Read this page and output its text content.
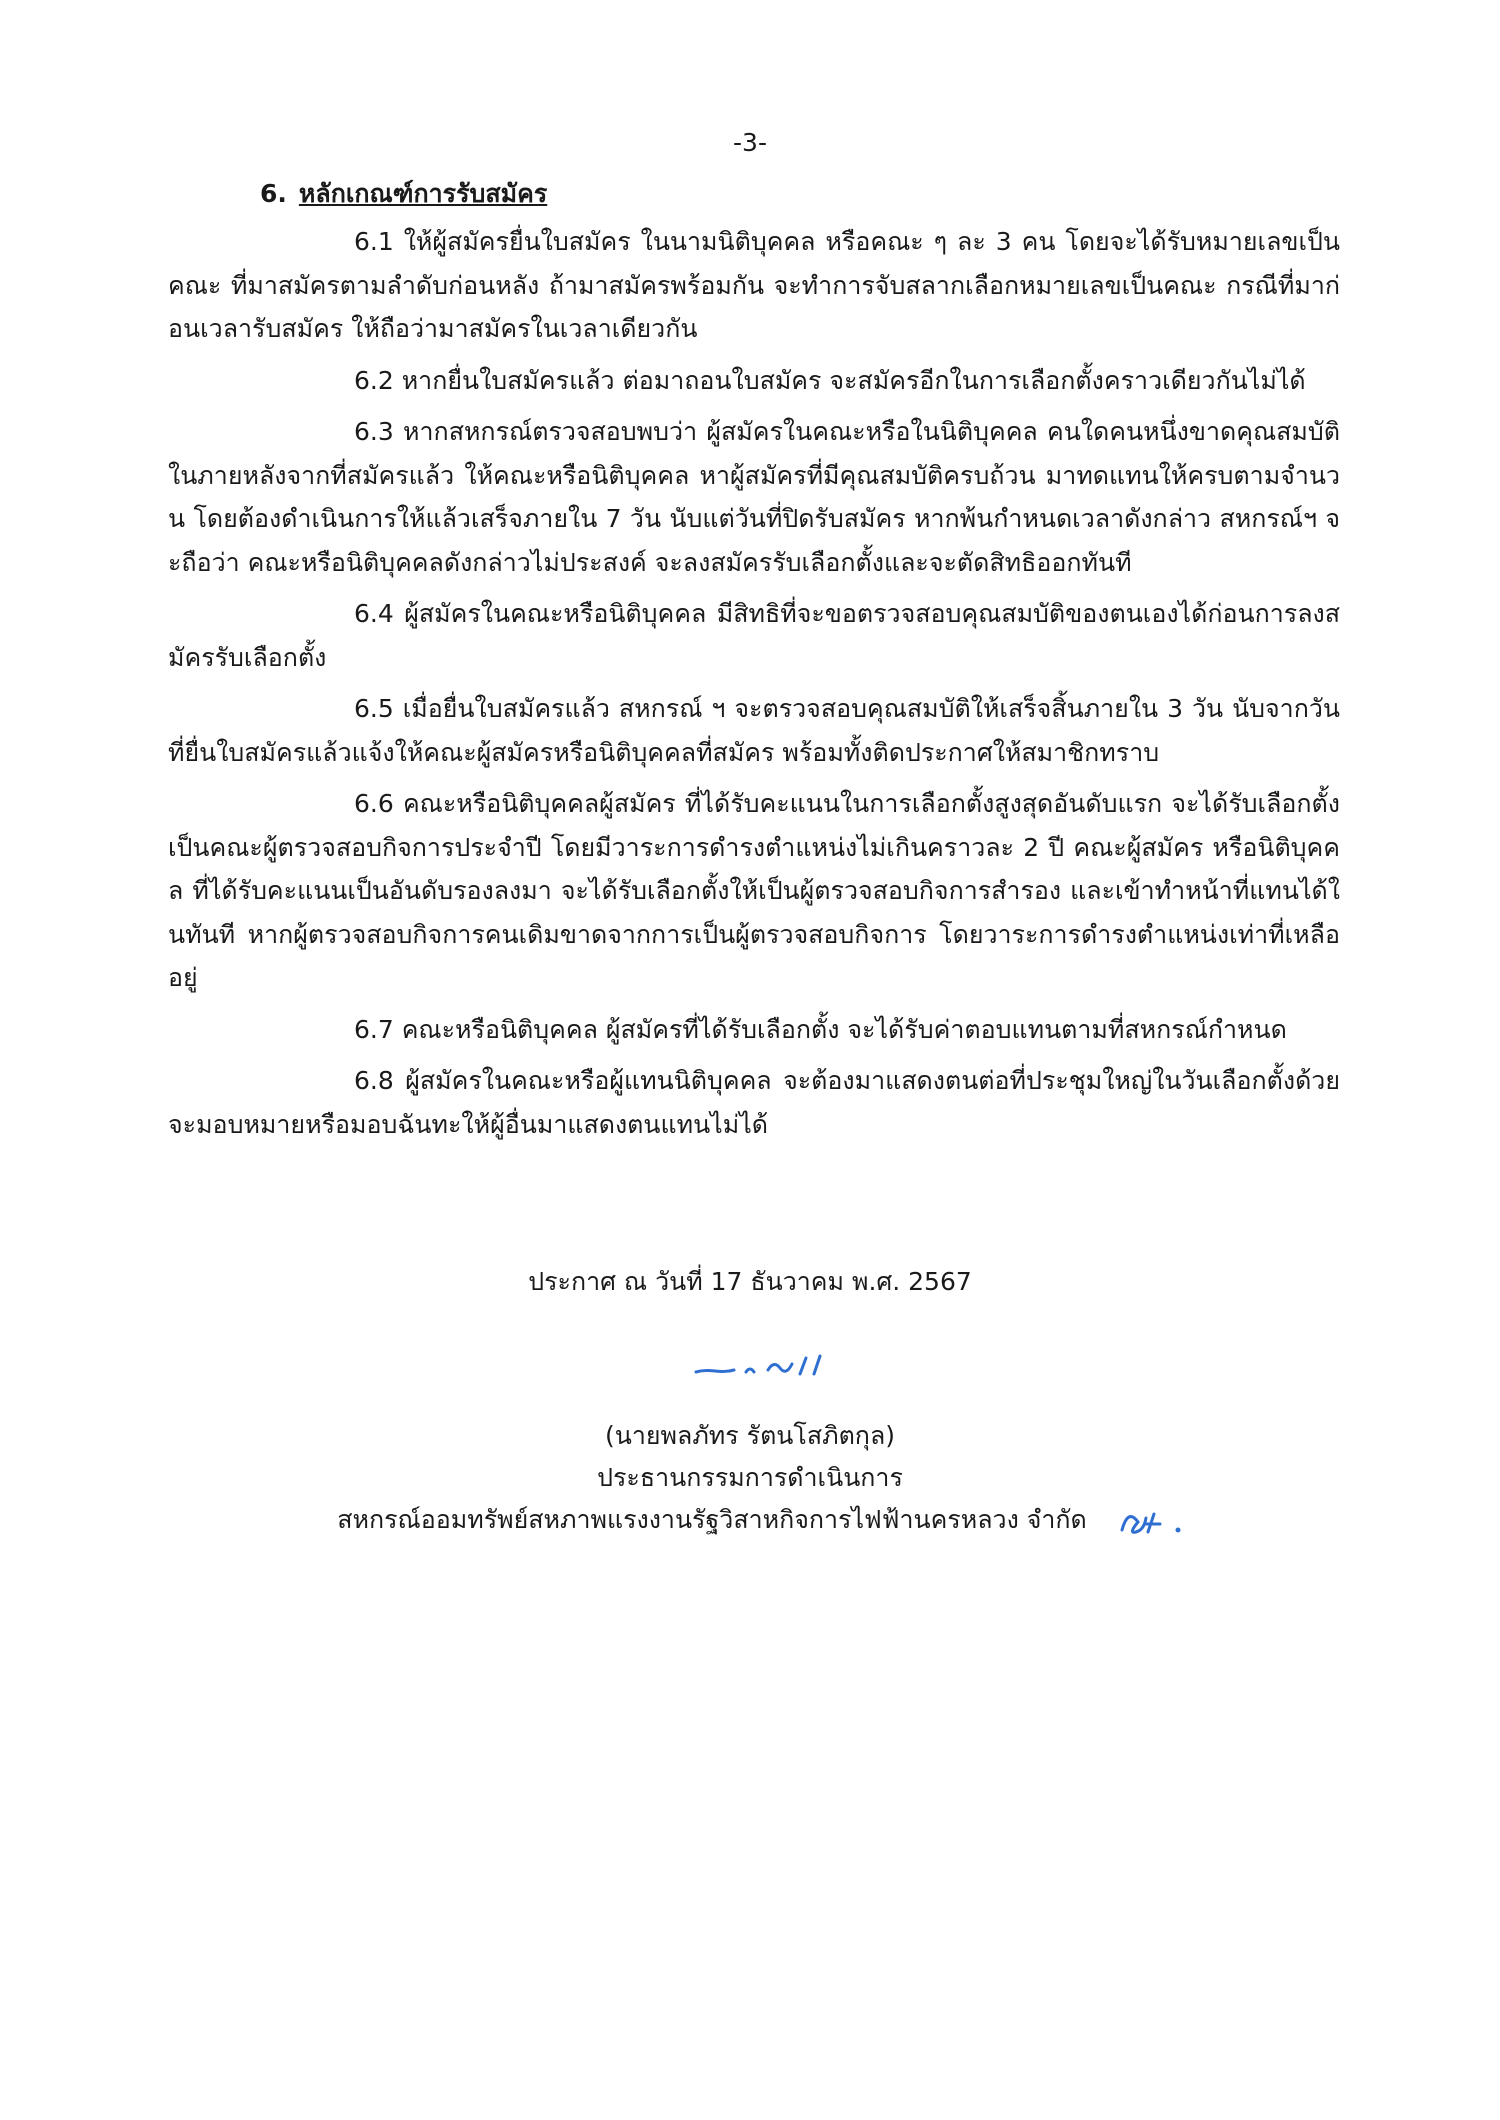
-3-
6. หลักเกณฑ์การรับสมัคร

6.1 ให้ผู้สมัครยื่นใบสมัคร ในนามนิติบุคคล หรือคณะ ๆ ละ 3 คน โดยจะได้รับหมายเลขเป็นคณะ ที่มาสมัครตามลำดับก่อนหลัง ถ้ามาสมัครพร้อมกัน จะทำการจับสลากเลือกหมายเลขเป็นคณะ กรณีที่มาก่อนเวลารับสมัคร ให้ถือว่ามาสมัครในเวลาเดียวกัน

6.2 หากยื่นใบสมัครแล้ว ต่อมาถอนใบสมัคร จะสมัครอีกในการเลือกตั้งคราวเดียวกันไม่ได้

6.3 หากสหกรณ์ตรวจสอบพบว่า ผู้สมัครในคณะหรือในนิติบุคคล คนใดคนหนึ่งขาดคุณสมบัติในภายหลังจากที่สมัครแล้ว ให้คณะหรือนิติบุคคล หาผู้สมัครที่มีคุณสมบัติครบถ้วน มาทดแทนให้ครบตามจำนวน โดยต้องดำเนินการให้แล้วเสร็จภายใน 7 วัน นับแต่วันที่ปิดรับสมัคร หากพ้นกำหนดเวลาดังกล่าว สหกรณ์ฯ จะถือว่า คณะหรือนิติบุคคลดังกล่าวไม่ประสงค์ จะลงสมัครรับเลือกตั้งและจะตัดสิทธิออกทันที

6.4 ผู้สมัครในคณะหรือนิติบุคคล มีสิทธิที่จะขอตรวจสอบคุณสมบัติของตนเองได้ก่อนการลงสมัครรับเลือกตั้ง

6.5 เมื่อยื่นใบสมัครแล้ว สหกรณ์ ฯ จะตรวจสอบคุณสมบัติให้เสร็จสิ้นภายใน 3 วัน นับจากวันที่ยื่นใบสมัครแล้วแจ้งให้คณะผู้สมัครหรือนิติบุคคลที่สมัคร พร้อมทั้งติดประกาศให้สมาชิกทราบ

6.6 คณะหรือนิติบุคคลผู้สมัคร ที่ได้รับคะแนนในการเลือกตั้งสูงสุดอันดับแรก จะได้รับเลือกตั้งเป็นคณะผู้ตรวจสอบกิจการประจำปี โดยมีวาระการดำรงตำแหน่งไม่เกินคราวละ 2 ปี คณะผู้สมัคร หรือนิติบุคคล ที่ได้รับคะแนนเป็นอันดับรองลงมา จะได้รับเลือกตั้งให้เป็นผู้ตรวจสอบกิจการสำรอง และเข้าทำหน้าที่แทนได้ในทันที หากผู้ตรวจสอบกิจการคนเดิมขาดจากการเป็นผู้ตรวจสอบกิจการ โดยวาระการดำรงตำแหน่งเท่าที่เหลืออยู่

6.7 คณะหรือนิติบุคคล ผู้สมัครที่ได้รับเลือกตั้ง จะได้รับค่าตอบแทนตามที่สหกรณ์กำหนด

6.8 ผู้สมัครในคณะหรือผู้แทนนิติบุคคล จะต้องมาแสดงตนต่อที่ประชุมใหญ่ในวันเลือกตั้งด้วย จะมอบหมายหรือมอบฉันทะให้ผู้อื่นมาแสดงตนแทนไม่ได้

ประกาศ ณ วันที่ 17 ธันวาคม พ.ศ. 2567
(นายพลภัทร รัตนโสภิตกุล)
ประธานกรรมการดำเนินการ
สหกรณ์ออมทรัพย์สหภาพแรงงานรัฐวิสาหกิจการไฟฟ้านครหลวง จำกัด
